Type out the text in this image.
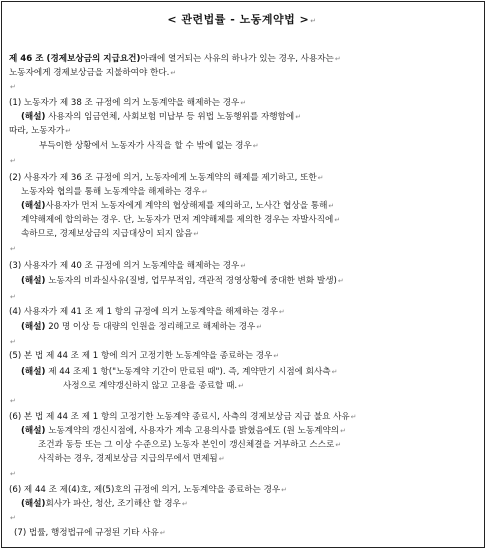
< 관련법률 - 노동계약법 >↵
제 46 조 (경제보상금의 지급요건)아래에 열거되는 사유의 하나가 있는 경우, 사용자는↵
노동자에게 경제보상금을 지불하여야 한다.↵
↵
(1) 노동자가 제 38 조 규정에 의거 노동계약을 해제하는 경우↵
(해설) 사용자의 임금연체, 사회보험 미납부 등 위법 노동행위를 자행함에↵
따라, 노동자가↵
부득이한 상황에서 노동자가 사직을 할 수 밖에 없는 경우↵
↵
(2) 사용자가 제 36 조 규정에 의거, 노동자에게 노동계약의 해제를 제기하고, 또한↵
노동자와 협의를 통해 노동계약을 해제하는 경우↵
(해설)사용자가 먼저 노동자에게 계약의 협상해제를 제의하고, 노사간 협상을 통해↵
계약해제에 합의하는 경우. 단, 노동자가 먼저 계약해제를 제의한 경우는 자발사직에↵
속하므로, 경제보상금의 지급대상이 되지 않음↵
↵
(3) 사용자가 제 40 조 규정에 의거 노동계약을 해제하는 경우↵
(해설) 노동자의 비과실사유(질병, 업무부적임, 객관적 경영상황에 중대한 변화 발생)↵
↵
(4) 사용자가 제 41 조 제 1 항의 규정에 의거 노동계약을 해제하는 경우↵
(해설) 20 명 이상 등 대량의 인원을 정리해고로 해제하는 경우↵
↵
(5) 본 법 제 44 조 제 1 항에 의거 고정기한 노동계약을 종료하는 경우↵
(해설) 제 44 조제 1 항("노동계약 기간이 만료된 때"). 즉, 계약만기 시점에 회사측↵
사정으로 계약갱신하지 않고 고용을 종료할 때.↵
↵
(6) 본 법 제 44 조 제 1 항의 고정기한 노동계약 종료시, 사측의 경제보상금 지급 불요 사유↵
(해설) 노동계약의 갱신시점에, 사용자가 계속 고용의사를 밝혔음에도 (원 노동계약의↵
조건과 동등 또는 그 이상 수준으로) 노동자 본인이 갱신체결을 거부하고 스스로↵
사직하는 경우, 경제보상금 지급의무에서 면제됨↵
↵
(6) 제 44 조 제(4)호, 제(5)호의 규정에 의거, 노동계약을 종료하는 경우↵
(해설)회사가 파산, 청산, 조기해산 할 경우↵
↵
(7) 법률, 행정법규에 규정된 기타 사유↵
